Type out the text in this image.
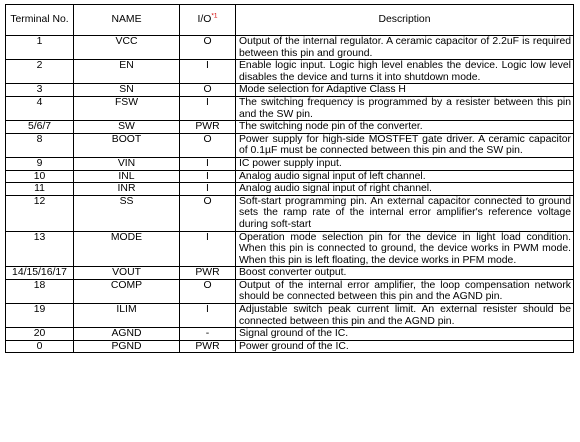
Terminal No.	NAME	I/O$^{*1}$	Description
1	VCC	O	Output of the internal regulator. A ceramic capacitor of 2.2uF is required between this pin and ground.
2	EN	I	Enable logic input. Logic high level enables the device. Logic low level disables the device and turns it into shutdown mode.
3	SN	O	Mode selection for Adaptive Class H
4	FSW	I	The switching frequency is programmed by a resister between this pin and the SW pin.
5/6/7	SW	PWR	The switching node pin of the converter.
8	BOOT	O	Power supply for high-side MOSTFET gate driver. A ceramic capacitor of 0.1µF must be connected between this pin and the SW pin.
9	VIN	I	IC power supply input.
10	INL	I	Analog audio signal input of left channel.
11	INR	I	Analog audio signal input of right channel.
12	SS	O	Soft-start programming pin. An external capacitor connected to ground sets the ramp rate of the internal error amplifier's reference voltage during soft-start
13	MODE	I	Operation mode selection pin for the device in light load condition. When this pin is connected to ground, the device works in PWM mode. When this pin is left floating, the device works in PFM mode.
14/15/16/17	VOUT	PWR	Boost converter output.
18	COMP	O	Output of the internal error amplifier, the loop compensation network should be connected between this pin and the AGND pin.
19	ILIM	I	Adjustable switch peak current limit. An external resister should be connected between this pin and the AGND pin.
20	AGND	-	Signal ground of the IC.
0	PGND	PWR	Power ground of the IC.
